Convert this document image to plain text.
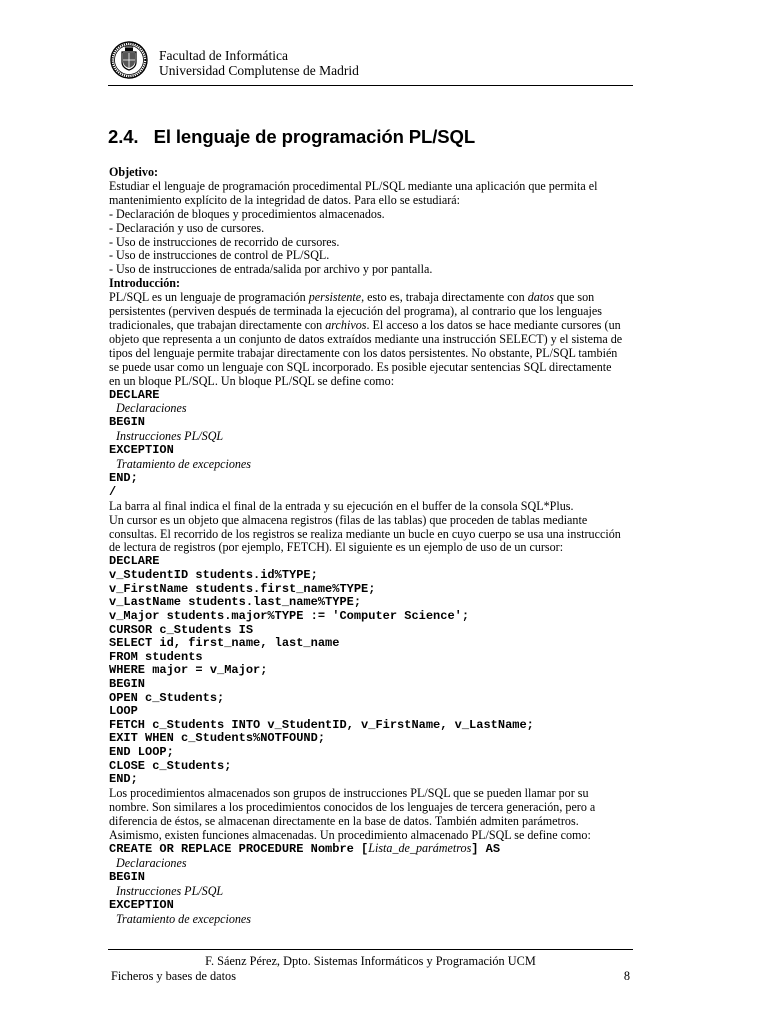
Facultad de Informática
Universidad Complutense de Madrid
2.4.   El lenguaje de programación PL/SQL
Objetivo:
Estudiar el lenguaje de programación procedimental PL/SQL mediante una aplicación que permita el
mantenimiento explícito de la integridad de datos. Para ello se estudiará:
- Declaración de bloques y procedimientos almacenados.
- Declaración y uso de cursores.
- Uso de instrucciones de recorrido de cursores.
- Uso de instrucciones de control de PL/SQL.
- Uso de instrucciones de entrada/salida por archivo y por pantalla.
Introducción:
PL/SQL es un lenguaje de programación persistente, esto es, trabaja directamente con datos que son
persistentes (perviven después de terminada la ejecución del programa), al contrario que los lenguajes
tradicionales, que trabajan directamente con archivos. El acceso a los datos se hace mediante cursores (un
objeto que representa a un conjunto de datos extraídos mediante una instrucción SELECT) y el sistema de
tipos del lenguaje permite trabajar directamente con los datos persistentes. No obstante, PL/SQL también
se puede usar como un lenguaje con SQL incorporado. Es posible ejecutar sentencias SQL directamente
en un bloque PL/SQL. Un bloque PL/SQL se define como:
DECLARE
Declaraciones
BEGIN
Instrucciones PL/SQL
EXCEPTION
Tratamiento de excepciones
END;
/
La barra al final indica el final de la entrada y su ejecución en el buffer de la consola SQL*Plus.
Un cursor es un objeto que almacena registros (filas de las tablas) que proceden de tablas mediante
consultas. El recorrido de los registros se realiza mediante un bucle en cuyo cuerpo se usa una instrucción
de lectura de registros (por ejemplo, FETCH). El siguiente es un ejemplo de uso de un cursor:
DECLARE
v_StudentID students.id%TYPE;
v_FirstName students.first_name%TYPE;
v_LastName students.last_name%TYPE;
v_Major students.major%TYPE := 'Computer Science';
CURSOR c_Students IS
SELECT id, first_name, last_name
FROM students
WHERE major = v_Major;
BEGIN
OPEN c_Students;
LOOP
FETCH c_Students INTO v_StudentID, v_FirstName, v_LastName;
EXIT WHEN c_Students%NOTFOUND;
END LOOP;
CLOSE c_Students;
END;
Los procedimientos almacenados son grupos de instrucciones PL/SQL que se pueden llamar por su
nombre. Son similares a los procedimientos conocidos de los lenguajes de tercera generación, pero a
diferencia de éstos, se almacenan directamente en la base de datos. También admiten parámetros.
Asimismo, existen funciones almacenadas. Un procedimiento almacenado PL/SQL se define como:
CREATE OR REPLACE PROCEDURE Nombre [Lista_de_parámetros] AS
Declaraciones
BEGIN
Instrucciones PL/SQL
EXCEPTION
Tratamiento de excepciones
F. Sáenz Pérez, Dpto. Sistemas Informáticos y Programación UCM
Ficheros y bases de datos	8
